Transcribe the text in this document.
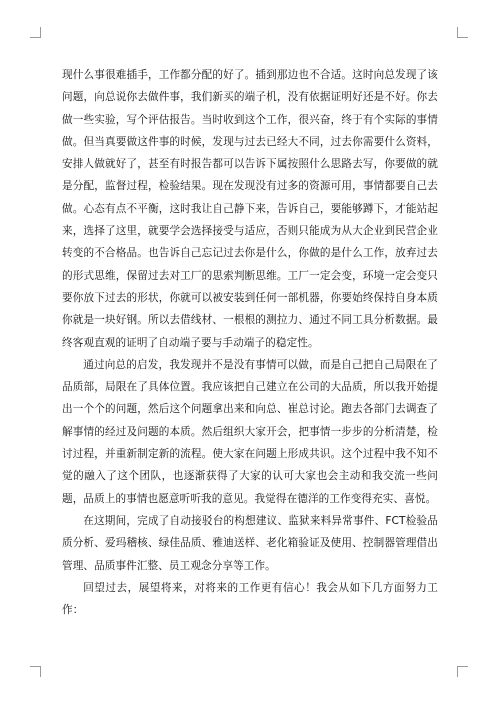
现什么事很难插手，工作都分配的好了。插到那边也不合适。这时向总发现了该问题，向总说你去做件事，我们新买的端子机，没有依据证明好还是不好。你去做一些实验，写个评估报告。当时收到这个工作，很兴奋，终于有个实际的事情做。但当真要做这件事的时候，发现与过去已经大不同，过去你需要什么资料，安排人做就好了，甚至有时报告都可以告诉下属按照什么思路去写，你要做的就是分配，监督过程，检验结果。现在发现没有过多的资源可用，事情都要自己去做。心态有点不平衡，这时我让自己静下来，告诉自己，要能够蹲下，才能站起来，选择了这里，就要学会选择接受与适应，否则只能成为从大企业到民营企业转变的不合格品。也告诉自己忘记过去你是什么，你做的是什么工作，放弃过去的形式思维，保留过去对工厂的思索判断思维。工厂一定会变，环境一定会变只要你放下过去的形状，你就可以被安装到任何一部机器，你要始终保持自身本质你就是一块好钢。所以去借线材、一根根的测拉力、通过不同工具分析数据。最终客观直观的证明了自动端子要与手动端子的稳定性。

通过向总的启发，我发现并不是没有事情可以做，而是自己把自己局限在了品质部，局限在了具体位置。我应该把自己建立在公司的大品质，所以我开始提出一个个的问题，然后这个问题拿出来和向总、崔总讨论。跑去各部门去调查了解事情的经过及问题的本质。然后组织大家开会，把事情一步步的分析清楚，检讨过程，并重新制定新的流程。使大家在问题上形成共识。这个过程中我不知不觉的融入了这个团队，也逐渐获得了大家的认可大家也会主动和我交流一些问题，品质上的事情也愿意听听我的意见。我觉得在德洋的工作变得充实、喜悦。

在这期间，完成了自动接驳台的构想建议、监狱来料异常事件、FCT检验品质分析、爱玛稽核、绿佳品质、雅迪送样、老化箱验证及使用、控制器管理借出管理、品质事件汇整、员工观念分享等工作。

回望过去，展望将来，对将来的工作更有信心！我会从如下几方面努力工作：
